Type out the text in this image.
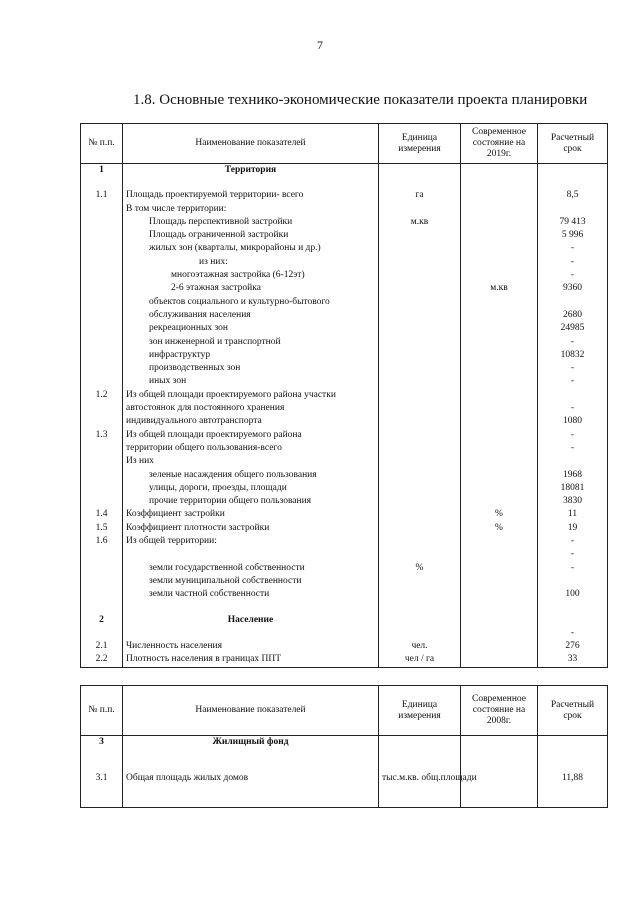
7
1.8. Основные технико-экономические показатели проекта планировки
№ п.п.	Наименование показателей	Единица измерения	Современное состояние на 2019г.	Расчетный срок
1	Территория			

1.1	Площадь проектируемой территории- всего	га		8,5
	В том числе территории:			
	Площадь перспективной застройки	м.кв		79 413
	Площадь ограниченной застройки			5 996
	жилых зон (кварталы, микрорайоны и др.)			-
	из них:			-
	многоэтажная застройка (6-12эт)			-
	2-6 этажная застройка		м.кв	9360
	объектов социального и культурно-бытового			
	обслуживания населения			2680
	рекреационных зон			24985
	зон инженерной и транспортной			-
	инфраструктур			10832
	производственных зон			-
	иных зон			-
1.2	Из общей площади проектируемого района участки			
	автостоянок для постоянного хранения			-
	индивидуального автотранспорта			1080
1.3	Из общей площади проектируемого района			-
	территории общего пользования-всего			-
	Из них			
	зеленые насаждения общего пользования			1968
	улицы, дороги, проезды, площади			18081
	прочие территории общего пользования			3830
1.4	Коэффициент застройки		%	11
1.5	Коэффициент плотности застройки		%	19
1.6	Из общей территории:			-
				-
	земли государственной собственности	%		-
	земли муниципальной собственности			
	земли частной собственности			100

2	Население			
				-
2.1	Численность населения	чел.		276
2.2	Плотность населения в границах ППТ	чел / га		33
№ п.п.	Наименование показателей	Единица измерения	Современное состояние на 2008г.	Расчетный срок
3	Жилищный фонд			
3.1	Общая площадь жилых домов	тыс.м.кв. общ.площади		11,88
